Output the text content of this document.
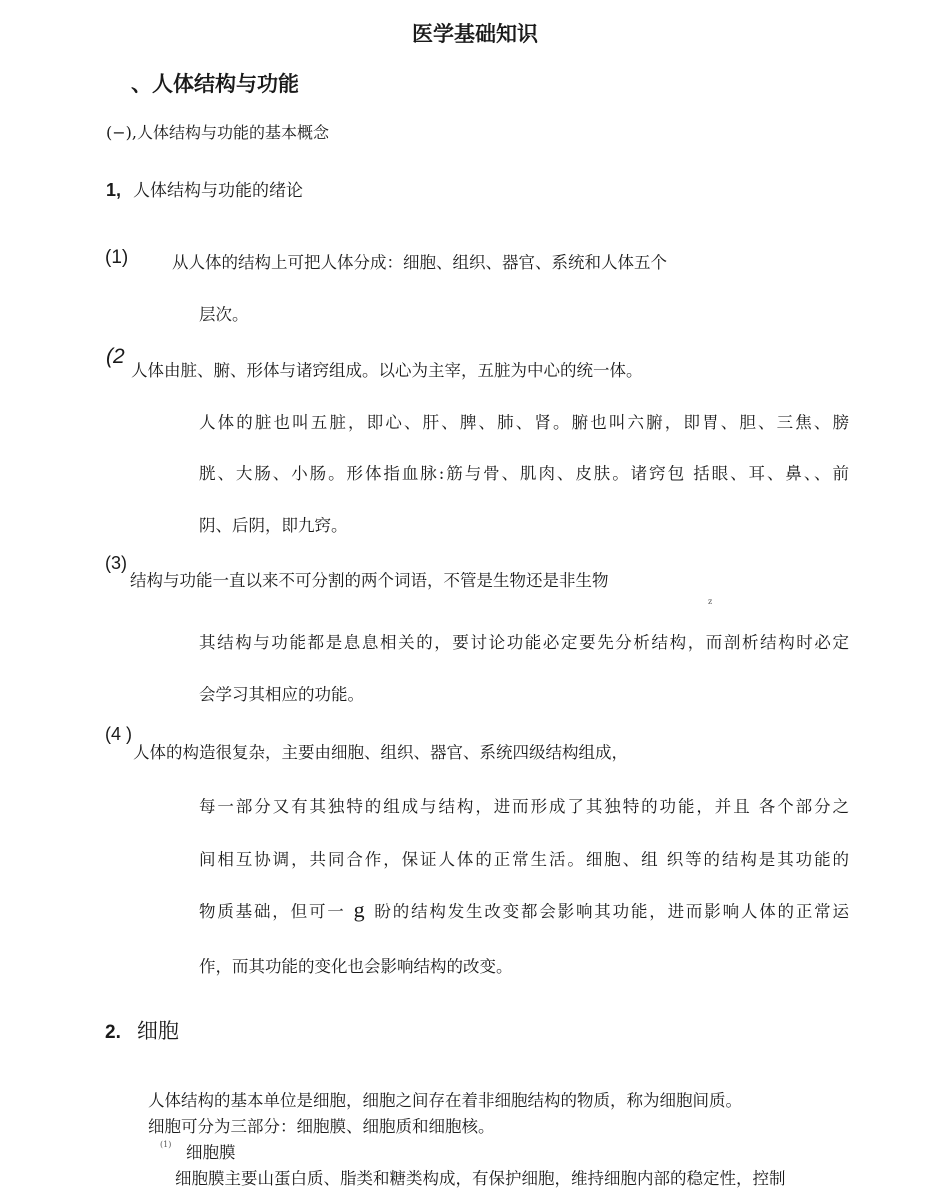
医学基础知识
、人体结构与功能
(−),人体结构与功能的基本概念
1, 人体结构与功能的绪论
(1)	从人体的结构上可把人体分成：细胞、组织、器官、系统和人体五个
层次。
(2
人体由脏、腑、形体与诸窍组成。以心为主宰，五脏为中心的统一体。
人体的脏也叫五脏，即心、肝、脾、肺、肾。腑也叫六腑，即胃、胆、三焦、膀
胱、大肠、小肠。形体指血脉:筋与骨、肌肉、皮肤。诸窍包 括眼、耳、鼻、、前
阴、后阴，即九窍。
(3)
结构与功能一直以来不可分割的两个词语，不管是生物还是非生物
z
其结构与功能都是息息相关的，要讨论功能必定要先分析结构，而剖析结构时必定
会学习其相应的功能。
(4 )
人体的构造很复杂，主要由细胞、组织、器官、系统四级结构组成，
每一部分又有其独特的组成与结构，进而形成了其独特的功能，并且 各个部分之
间相互协调，共同合作，保证人体的正常生活。细胞、组 织等的结构是其功能的
物质基础，但可一 g 盼的结构发生改变都会影响其功能，进而影响人体的正常运
作，而其功能的变化也会影响结构的改变。
2. 细胞
人体结构的基本单位是细胞，细胞之间存在着非细胞结构的物质，称为细胞间质。
细胞可分为三部分：细胞膜、细胞质和细胞核。
(1) 细胞膜
细胞膜主要山蛋白质、脂类和糖类构成，有保护细胞，维持细胞内部的稳定性，控制
